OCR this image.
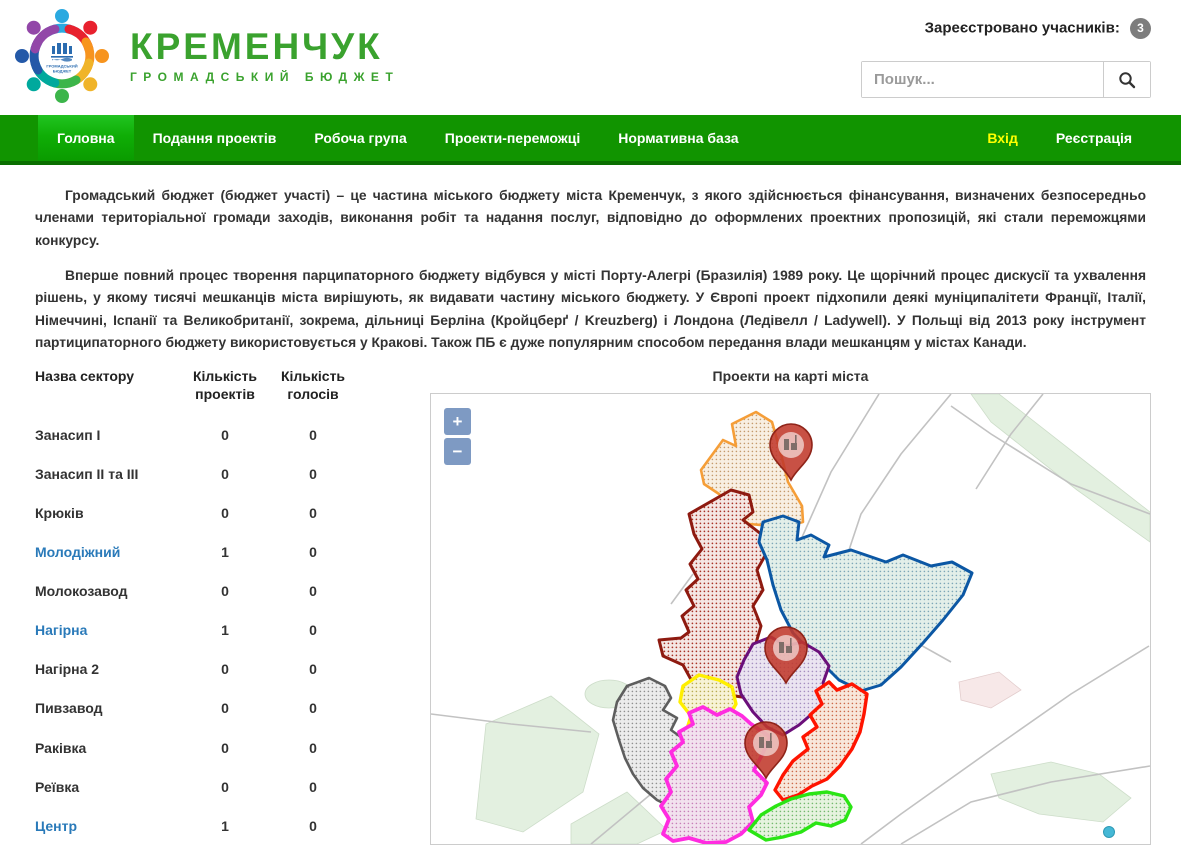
ГРОМАДСЬКИЙ
БЮДЖЕТ
КРЕМЕНЧУК
ГРОМАДСЬКИЙ БЮДЖЕТ
Зареєстровано учасників: 3
Пошук...
Головна	Подання проектів	Робоча група	Проекти-переможці	Нормативна база	Вхід	Реєстрація

Громадський бюджет (бюджет участі) – це частина міського бюджету міста Кременчук, з якого здійснюється фінансування, визначених безпосередньо членами територіальної громади заходів, виконання робіт та надання послуг, відповідно до оформлених проектних пропозицій, які стали переможцями конкурсу.

Вперше повний процес творення парципаторного бюджету відбувся у місті Порту-Алегрі (Бразилія) 1989 року. Це щорічний процес дискусії та ухвалення рішень, у якому тисячі мешканців міста вирішують, як видавати частину міського бюджету. У Європі проект підхопили деякі муніципалітети Франції, Італії, Німеччині, Іспанії та Великобританії, зокрема, дільниці Берліна (Кройцберґ / Kreuzberg) і Лондона (Ледівелл / Ladywell). У Польщі від 2013 року інструмент партиципаторного бюджету використовується у Кракові. Також ПБ є дуже популярним способом передання влади мешканцям у містах Канади.

Назва сектору	Кількість проектів	Кількість голосів
Занасип І	0	0
Занасип ІІ та ІІІ	0	0
Крюків	0	0
Молодіжний	1	0
Молокозавод	0	0
Нагірна	1	0
Нагірна 2	0	0
Пивзавод	0	0
Раківка	0	0
Реївка	0	0
Центр	1	0
Проекти на карті міста
+
−
